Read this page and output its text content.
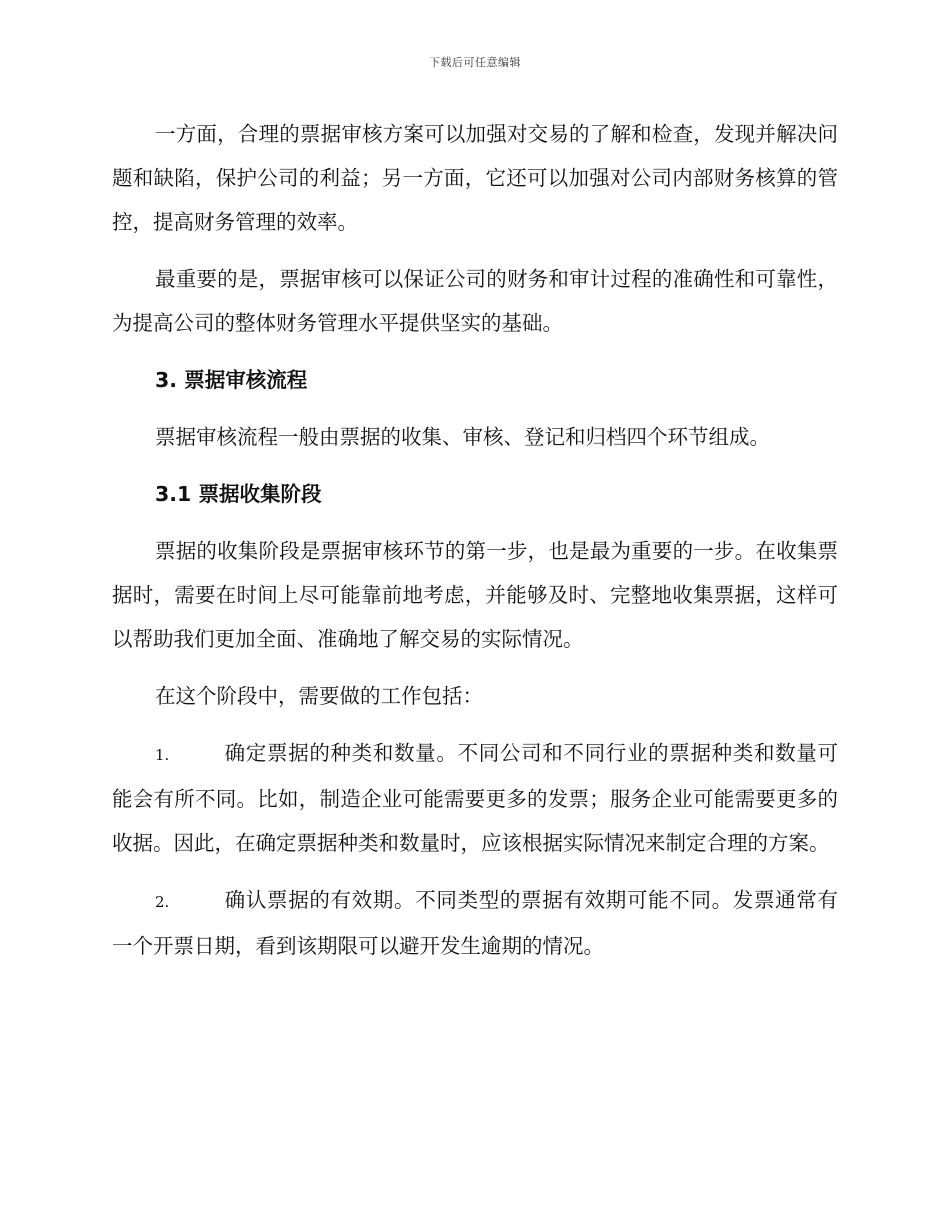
下载后可任意编辑

一方面，合理的票据审核方案可以加强对交易的了解和检查，发现并解决问题和缺陷，保护公司的利益；另一方面，它还可以加强对公司内部财务核算的管控，提高财务管理的效率。

最重要的是，票据审核可以保证公司的财务和审计过程的准确性和可靠性，为提高公司的整体财务管理水平提供坚实的基础。

3. 票据审核流程

票据审核流程一般由票据的收集、审核、登记和归档四个环节组成。

3.1 票据收集阶段

票据的收集阶段是票据审核环节的第一步，也是最为重要的一步。在收集票据时，需要在时间上尽可能靠前地考虑，并能够及时、完整地收集票据，这样可以帮助我们更加全面、准确地了解交易的实际情况。

在这个阶段中，需要做的工作包括：

1.	确定票据的种类和数量。不同公司和不同行业的票据种类和数量可能会有所不同。比如，制造企业可能需要更多的发票；服务企业可能需要更多的收据。因此，在确定票据种类和数量时，应该根据实际情况来制定合理的方案。

2.	确认票据的有效期。不同类型的票据有效期可能不同。发票通常有一个开票日期，看到该期限可以避开发生逾期的情况。
